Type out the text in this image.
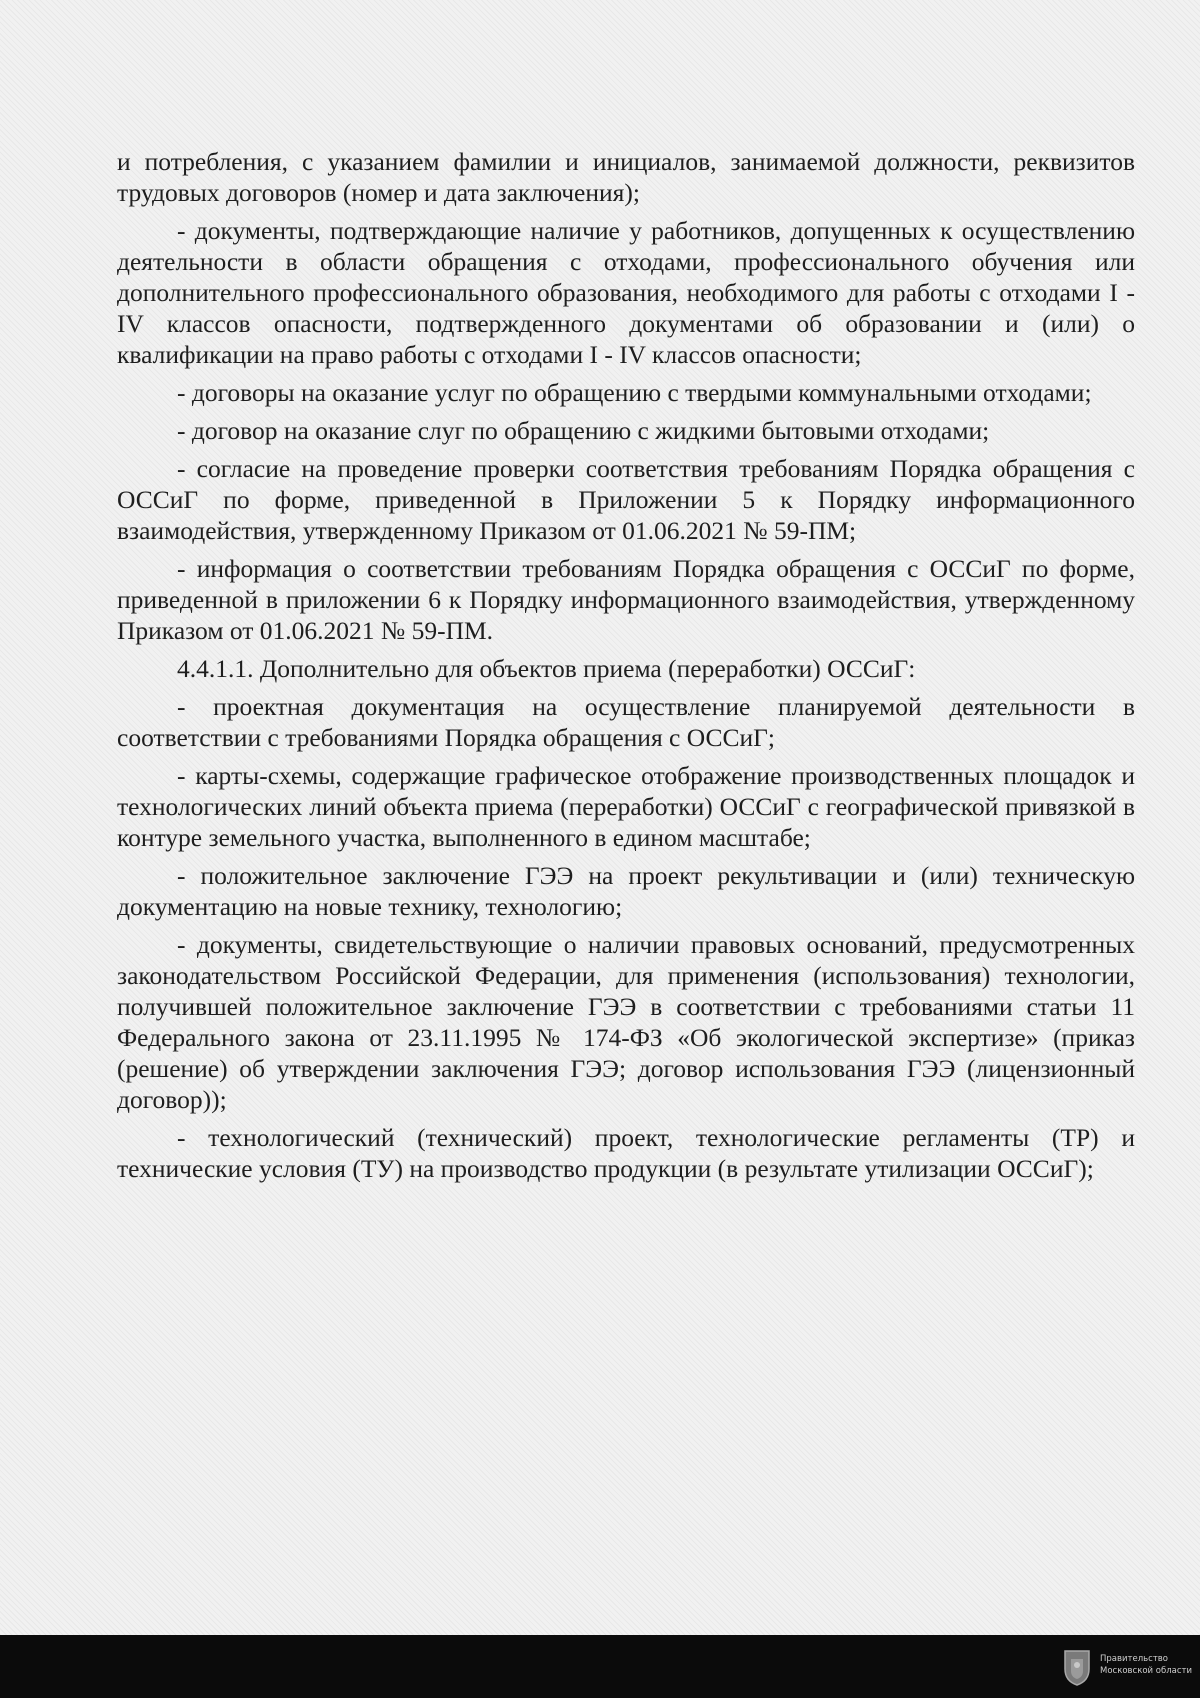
и потребления, с указанием фамилии и инициалов, занимаемой должности, реквизитов трудовых договоров (номер и дата заключения);

- документы, подтверждающие наличие у работников, допущенных к осуществлению деятельности в области обращения с отходами, профессионального обучения или дополнительного профессионального образования, необходимого для работы с отходами I - IV классов опасности, подтвержденного документами об образовании и (или) о квалификации на право работы с отходами I - IV классов опасности;

- договоры на оказание услуг по обращению с твердыми коммунальными отходами;

- договор на оказание слуг по обращению с жидкими бытовыми отходами;

- согласие на проведение проверки соответствия требованиям Порядка обращения с ОССиГ по форме, приведенной в Приложении 5 к Порядку информационного взаимодействия, утвержденному Приказом от 01.06.2021 № 59-ПМ;

- информация о соответствии требованиям Порядка обращения с ОССиГ по форме, приведенной в приложении 6 к Порядку информационного взаимодействия, утвержденному Приказом от 01.06.2021 № 59-ПМ.

4.4.1.1. Дополнительно для объектов приема (переработки) ОССиГ:

- проектная документация на осуществление планируемой деятельности в соответствии с требованиями Порядка обращения с ОССиГ;

- карты-схемы, содержащие графическое отображение производственных площадок и технологических линий объекта приема (переработки) ОССиГ с географической привязкой в контуре земельного участка, выполненного в едином масштабе;

- положительное заключение ГЭЭ на проект рекультивации и (или) техническую документацию на новые технику, технологию;

- документы, свидетельствующие о наличии правовых оснований, предусмотренных законодательством Российской Федерации, для применения (использования) технологии, получившей положительное заключение ГЭЭ в соответствии с требованиями статьи 11 Федерального закона от 23.11.1995 № 174-ФЗ «Об экологической экспертизе» (приказ (решение) об утверждении заключения ГЭЭ; договор использования ГЭЭ (лицензионный договор));

- технологический (технический) проект, технологические регламенты (ТР) и технические условия (ТУ) на производство продукции (в результате утилизации ОССиГ);

Правительство
Московской области
